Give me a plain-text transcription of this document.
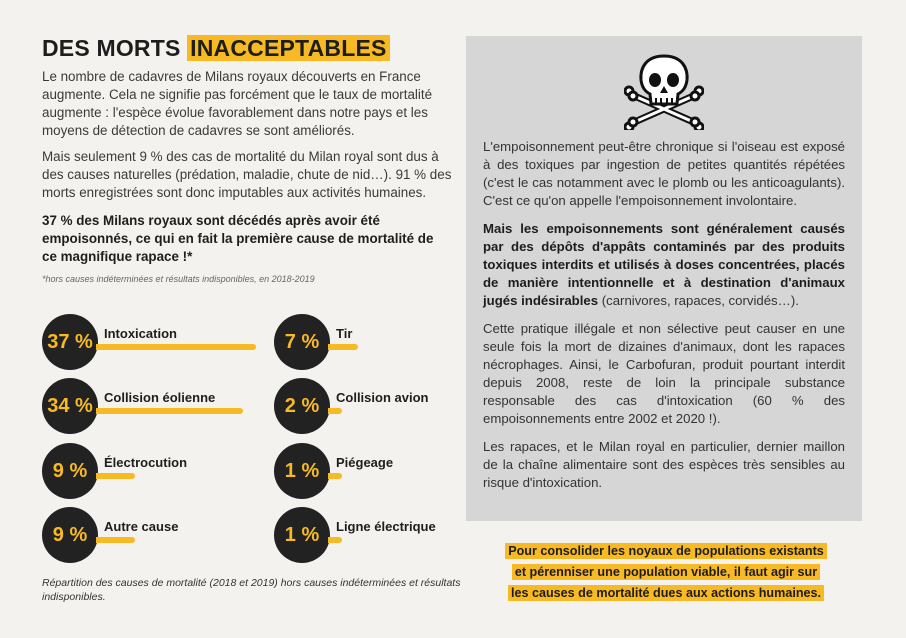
DES MORTS INACCEPTABLES

Le nombre de cadavres de Milans royaux découverts en France augmente. Cela ne signifie pas forcément que le taux de mortalité augmente : l'espèce évolue favorablement dans notre pays et les moyens de détection de cadavres se sont améliorés.

Mais seulement 9 % des cas de mortalité du Milan royal sont dus à des causes naturelles (prédation, maladie, chute de nid…). 91 % des morts enregistrées sont donc imputables aux activités humaines.

37 % des Milans royaux sont décédés après avoir été empoisonnés, ce qui en fait la première cause de mortalité de ce magnifique rapace !*

*hors causes indéterminées et résultats indisponibles, en 2018-2019

37 % Intoxication
34 % Collision éolienne
9 % Électrocution
9 % Autre cause
7 % Tir
2 % Collision avion
1 % Piégeage
1 % Ligne électrique

Répartition des causes de mortalité (2018 et 2019) hors causes indéterminées et résultats indisponibles.

L'empoisonnement peut-être chronique si l'oiseau est exposé à des toxiques par ingestion de petites quantités répétées (c'est le cas notamment avec le plomb ou les anticoagulants). C'est ce qu'on appelle l'empoisonnement involontaire.

Mais les empoisonnements sont généralement causés par des dépôts d'appâts contaminés par des produits toxiques interdits et utilisés à doses concentrées, placés de manière intentionnelle et à destination d'animaux jugés indésirables (carnivores, rapaces, corvidés…).

Cette pratique illégale et non sélective peut causer en une seule fois la mort de dizaines d'animaux, dont les rapaces nécrophages. Ainsi, le Carbofuran, produit pourtant interdit depuis 2008, reste de loin la principale substance responsable des cas d'intoxication (60 % des empoisonnements entre 2002 et 2020 !).

Les rapaces, et le Milan royal en particulier, dernier maillon de la chaîne alimentaire sont des espèces très sensibles au risque d'intoxication.

Pour consolider les noyaux de populations existants
et pérenniser une population viable, il faut agir sur
les causes de mortalité dues aux actions humaines.
